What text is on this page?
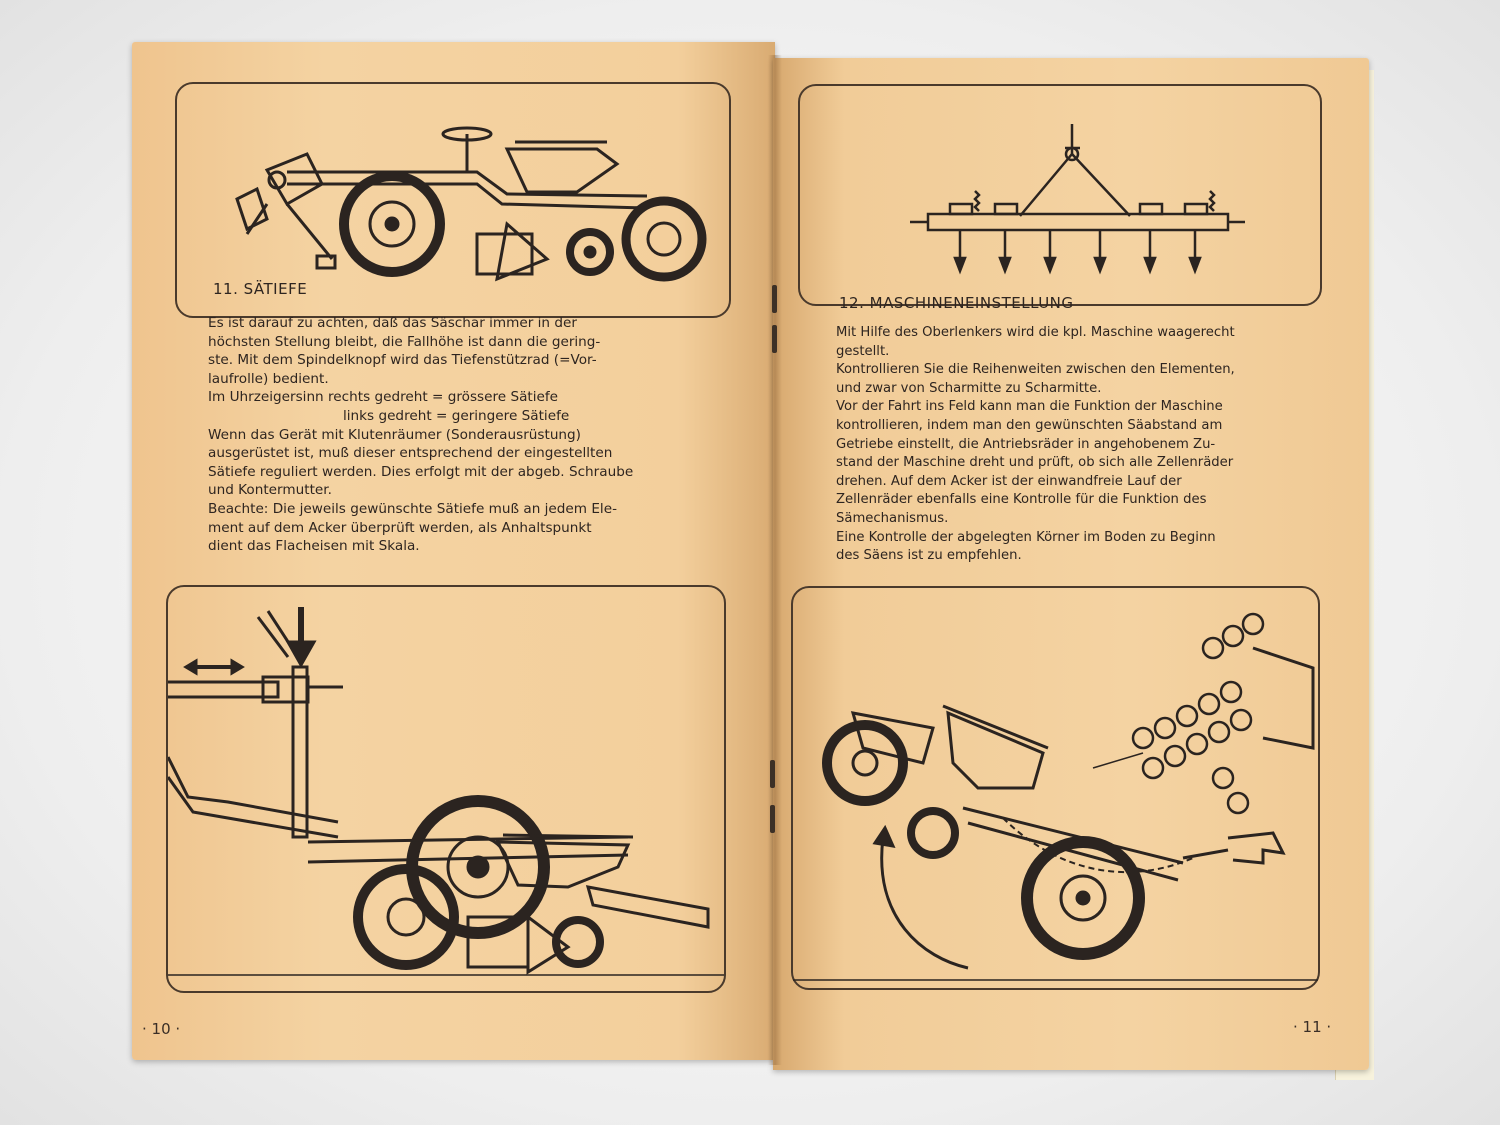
11. SÄTIEFE
Es ist darauf zu achten, daß das Säschar immer in der
höchsten Stellung bleibt, die Fallhöhe ist dann die gering-
ste. Mit dem Spindelknopf wird das Tiefenstützrad (=Vor-
laufrolle) bedient.
Im Uhrzeigersinn rechts gedreht = grössere Sätiefe
links gedreht = geringere Sätiefe
Wenn das Gerät mit Klutenräumer (Sonderausrüstung)
ausgerüstet ist, muß dieser entsprechend der eingestellten
Sätiefe reguliert werden. Dies erfolgt mit der abgeb. Schraube
und Kontermutter.
Beachte: Die jeweils gewünschte Sätiefe muß an jedem Ele-
ment auf dem Acker überprüft werden, als Anhaltspunkt
dient das Flacheisen mit Skala.
· 10 ·
12. MASCHINENEINSTELLUNG
Mit Hilfe des Oberlenkers wird die kpl. Maschine waagerecht
gestellt.
Kontrollieren Sie die Reihenweiten zwischen den Elementen,
und zwar von Scharmitte zu Scharmitte.
Vor der Fahrt ins Feld kann man die Funktion der Maschine
kontrollieren, indem man den gewünschten Säabstand am
Getriebe einstellt, die Antriebsräder in angehobenem Zu-
stand der Maschine dreht und prüft, ob sich alle Zellenräder
drehen. Auf dem Acker ist der einwandfreie Lauf der
Zellenräder ebenfalls eine Kontrolle für die Funktion des
Sämechanismus.
Eine Kontrolle der abgelegten Körner im Boden zu Beginn
des Säens ist zu empfehlen.
· 11 ·
